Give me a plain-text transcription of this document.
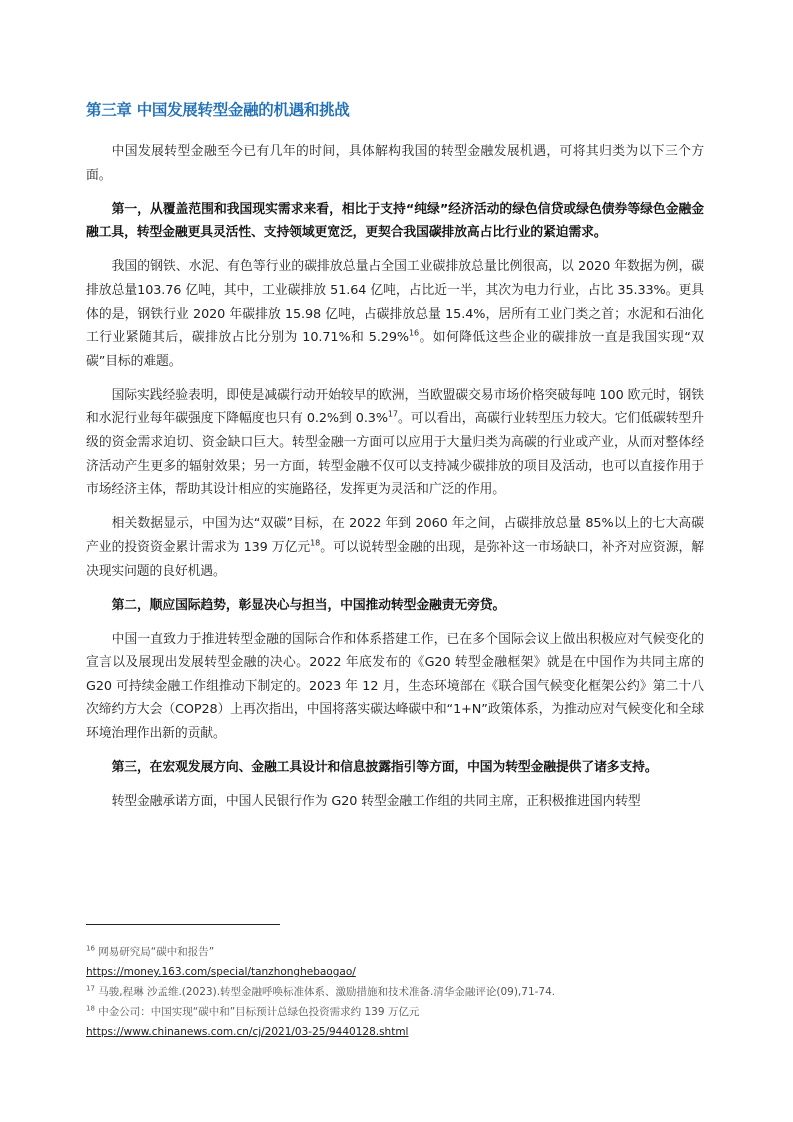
第三章 中国发展转型金融的机遇和挑战

中国发展转型金融至今已有几年的时间，具体解构我国的转型金融发展机遇，可将其归类为以下三个方面。

第一，从覆盖范围和我国现实需求来看，相比于支持“纯绿”经济活动的绿色信贷或绿色债券等绿色金融金融工具，转型金融更具灵活性、支持领域更宽泛，更契合我国碳排放高占比行业的紧迫需求。

我国的钢铁、水泥、有色等行业的碳排放总量占全国工业碳排放总量比例很高，以 2020 年数据为例，碳排放总量103.76 亿吨，其中，工业碳排放 51.64 亿吨，占比近一半，其次为电力行业，占比 35.33%。更具体的是，钢铁行业 2020 年碳排放 15.98 亿吨，占碳排放总量 15.4%，居所有工业门类之首；水泥和石油化工行业紧随其后，碳排放占比分别为 10.71%和 5.29%$^{16}$。如何降低这些企业的碳排放一直是我国实现“双碳”目标的难题。

国际实践经验表明，即使是减碳行动开始较早的欧洲，当欧盟碳交易市场价格突破每吨 100 欧元时，钢铁和水泥行业每年碳强度下降幅度也只有 0.2%到 0.3%$^{17}$。可以看出，高碳行业转型压力较大。它们低碳转型升级的资金需求迫切、资金缺口巨大。转型金融一方面可以应用于大量归类为高碳的行业或产业，从而对整体经济活动产生更多的辐射效果；另一方面，转型金融不仅可以支持减少碳排放的项目及活动，也可以直接作用于市场经济主体，帮助其设计相应的实施路径，发挥更为灵活和广泛的作用。

相关数据显示，中国为达“双碳”目标，在 2022 年到 2060 年之间，占碳排放总量 85%以上的七大高碳产业的投资资金累计需求为 139 万亿元$^{18}$。可以说转型金融的出现，是弥补这一市场缺口，补齐对应资源，解决现实问题的良好机遇。

第二，顺应国际趋势，彰显决心与担当，中国推动转型金融责无旁贷。

中国一直致力于推进转型金融的国际合作和体系搭建工作，已在多个国际会议上做出积极应对气候变化的宣言以及展现出发展转型金融的决心。2022 年底发布的《G20 转型金融框架》就是在中国作为共同主席的 G20 可持续金融工作组推动下制定的。2023 年 12 月，生态环境部在《联合国气候变化框架公约》第二十八次缔约方大会（COP28）上再次指出，中国将落实碳达峰碳中和“1+N”政策体系，为推动应对气候变化和全球环境治理作出新的贡献。

第三，在宏观发展方向、金融工具设计和信息披露指引等方面，中国为转型金融提供了诸多支持。

转型金融承诺方面，中国人民银行作为 G20 转型金融工作组的共同主席，正积极推进国内转型

$^{16}$ 网易研究局“碳中和报告”

https://money.163.com/special/tanzhonghebaogao/

$^{17}$ 马骏,程琳 沙孟维.(2023).转型金融呼唤标准体系、激励措施和技术准备.清华金融评论(09),71-74.

$^{18}$ 中金公司：中国实现“碳中和”目标预计总绿色投资需求约 139 万亿元

https://www.chinanews.com.cn/cj/2021/03-25/9440128.shtml
